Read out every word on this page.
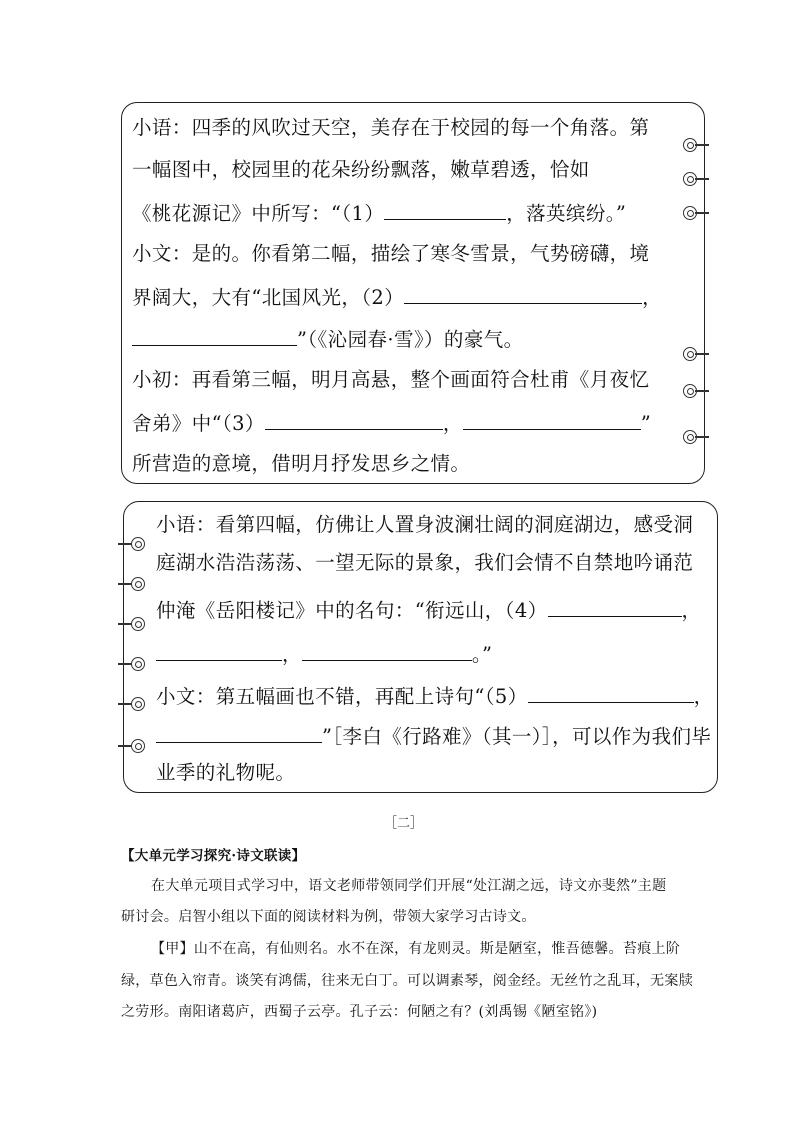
小语：四季的风吹过天空，美存在于校园的每一个角落。第
一幅图中，校园里的花朵纷纷飘落，嫩草碧透，恰如
《桃花源记》中所写：“（1）	，落英缤纷。”
小文：是的。你看第二幅，描绘了寒冬雪景，气势磅礴，境
界阔大，大有“北国风光，（2）	，
”（《沁园春·雪》）的豪气。
小初：再看第三幅，明月高悬，整个画面符合杜甫《月夜忆
舍弟》中“（3）	，	”
所营造的意境，借明月抒发思乡之情。
小语：看第四幅，仿佛让人置身波澜壮阔的洞庭湖边，感受洞
庭湖水浩浩荡荡、一望无际的景象，我们会情不自禁地吟诵范
仲淹《岳阳楼记》中的名句：“衔远山，（4）	，
，	。”
小文：第五幅画也不错，再配上诗句“（5）	，
”［李白《行路难》（其一）］，可以作为我们毕
业季的礼物呢。
［二］
【大单元学习探究·诗文联读】
在大单元项目式学习中，语文老师带领同学们开展“处江湖之远，诗文亦斐然”主题
研讨会。启智小组以下面的阅读材料为例，带领大家学习古诗文。
【甲】山不在高，有仙则名。水不在深，有龙则灵。斯是陋室，惟吾德馨。苔痕上阶
绿，草色入帘青。谈笑有鸿儒，往来无白丁。可以调素琴，阅金经。无丝竹之乱耳，无案牍
之劳形。南阳诸葛庐，西蜀子云亭。孔子云：何陋之有？(刘禹锡《陋室铭》)
